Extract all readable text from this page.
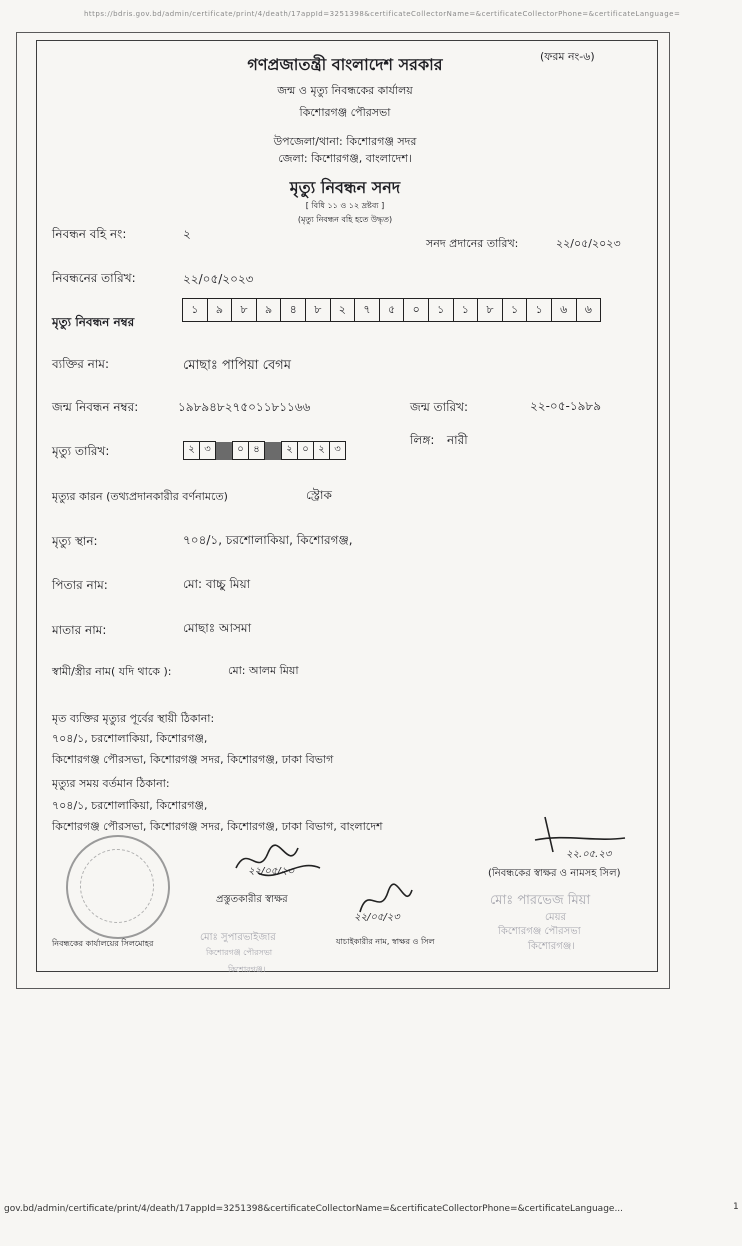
https://bdris.gov.bd/admin/certificate/print/4/death/17appId=3251398&certificateCollectorName=&certificateCollectorPhone=&certificateLanguage=
গণপ্রজাতন্ত্রী বাংলাদেশ সরকার	(ফরম নং-৬)
জন্ম ও মৃত্যু নিবন্ধকের কার্যালয়
কিশোরগঞ্জ পৌরসভা
উপজেলা/থানা: কিশোরগঞ্জ সদর
জেলা: কিশোরগঞ্জ, বাংলাদেশ।
মৃত্যু নিবন্ধন সনদ
[ বিধি ১১ ও ১২ দ্রষ্টব্য ]
(মৃত্যু নিবন্ধন বহি হতে উদ্ধৃত)
নিবন্ধন বহি নং:	২
সনদ প্রদানের তারিখ:	২২/০৫/২০২৩
নিবন্ধনের তারিখ:	২২/০৫/২০২৩
মৃত্যু নিবন্ধন নম্বর
১	৯	৮	৯	৪	৮	২	৭	৫	০	১	১	৮	১	১	৬	৬
ব্যক্তির নাম:	মোছাঃ পাপিয়া বেগম
জন্ম নিবন্ধন নম্বর:	১৯৮৯৪৮২৭৫০১১৮১১৬৬	জন্ম তারিখ:	২২-০৫-১৯৮৯
লিঙ্গ: নারী
মৃত্যু তারিখ:	২ ৩	০ ৪	২ ০ ২ ৩
মৃত্যুর কারন (তথ্যপ্রদানকারীর বর্ণনামতে)	স্ট্রোক
মৃত্যু স্থান:	৭০৪/১, চরশোলাকিয়া, কিশোরগঞ্জ,
পিতার নাম:	মো: বাচ্চু মিয়া
মাতার নাম:	মোছাঃ আসমা
স্বামী/স্ত্রীর নাম( যদি থাকে ):	মো: আলম মিয়া
মৃত ব্যক্তির মৃত্যুর পূর্বের স্থায়ী ঠিকানা:
৭০৪/১, চরশোলাকিয়া, কিশোরগঞ্জ,
কিশোরগঞ্জ পৌরসভা, কিশোরগঞ্জ সদর, কিশোরগঞ্জ, ঢাকা বিভাগ
মৃত্যুর সময় বর্তমান ঠিকানা:
৭০৪/১, চরশোলাকিয়া, কিশোরগঞ্জ,
কিশোরগঞ্জ পৌরসভা, কিশোরগঞ্জ সদর, কিশোরগঞ্জ, ঢাকা বিভাগ, বাংলাদেশ
২২/০৫/২৩
প্রস্তুতকারীর স্বাক্ষর
২২.০৫.২৩
(নিবন্ধকের স্বাক্ষর ও নামসহ সিল)
মোঃ পারভেজ মিয়া
মেয়র
কিশোরগঞ্জ পৌরসভা
কিশোরগঞ্জ।
২২/০৫/২৩
যাচাইকারীর নাম, স্বাক্ষর ও সিল
মোঃ সুপারভাইজার
কিশোরগঞ্জ পৌরসভা
কিশোরগঞ্জ।
নিবন্ধকের কার্যালয়ের সিলমোহর
gov.bd/admin/certificate/print/4/death/17appId=3251398&certificateCollectorName=&certificateCollectorPhone=&certificateLanguage...	1
